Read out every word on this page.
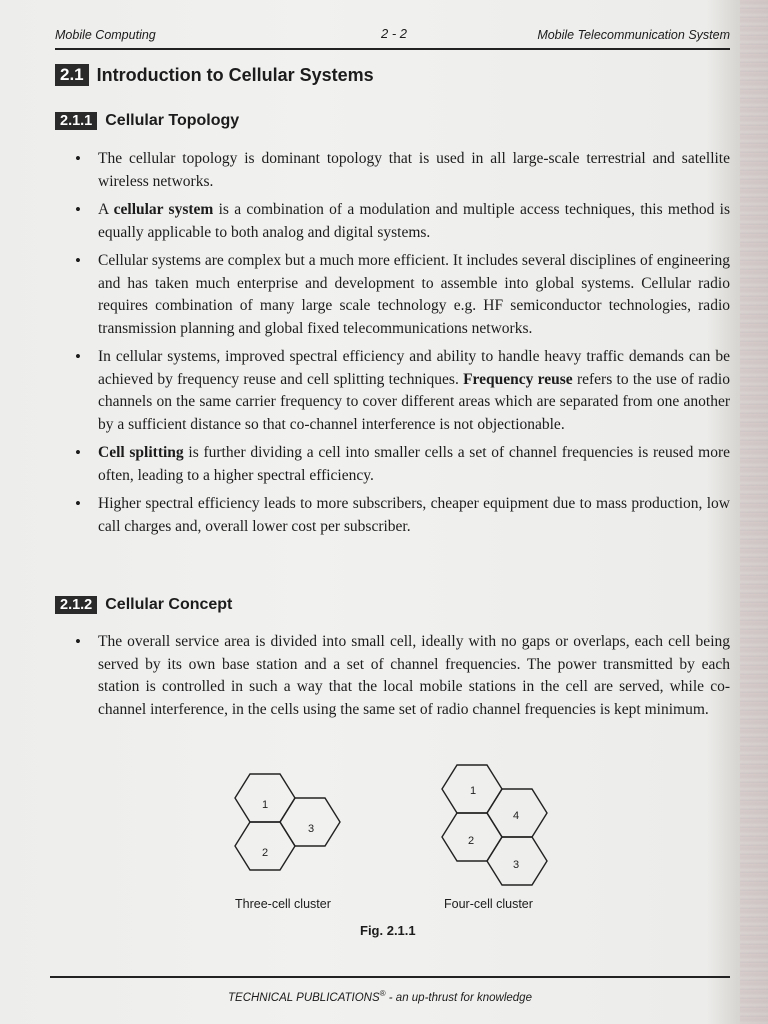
Mobile Computing	2 - 2	Mobile Telecommunication System
2.1 Introduction to Cellular Systems
2.1.1 Cellular Topology
• The cellular topology is dominant topology that is used in all large-scale terrestrial and satellite wireless networks.
• A cellular system is a combination of a modulation and multiple access techniques, this method is equally applicable to both analog and digital systems.
• Cellular systems are complex but a much more efficient. It includes several disciplines of engineering and has taken much enterprise and development to assemble into global systems. Cellular radio requires combination of many large scale technology e.g. HF semiconductor technologies, radio transmission planning and global fixed telecommunications networks.
• In cellular systems, improved spectral efficiency and ability to handle heavy traffic demands can be achieved by frequency reuse and cell splitting techniques. Frequency reuse refers to the use of radio channels on the same carrier frequency to cover different areas which are separated from one another by a sufficient distance so that co-channel interference is not objectionable.
• Cell splitting is further dividing a cell into smaller cells a set of channel frequencies is reused more often, leading to a higher spectral efficiency.
• Higher spectral efficiency leads to more subscribers, cheaper equipment due to mass production, low call charges and, overall lower cost per subscriber.
2.1.2 Cellular Concept
• The overall service area is divided into small cell, ideally with no gaps or overlaps, each cell being served by its own base station and a set of channel frequencies. The power transmitted by each station is controlled in such a way that the local mobile stations in the cell are served, while co-channel interference, in the cells using the same set of radio channel frequencies is kept minimum.
1
2
3
1
2
3
4
Three-cell cluster	Four-cell cluster
Fig. 2.1.1
TECHNICAL PUBLICATIONS® - an up-thrust for knowledge
